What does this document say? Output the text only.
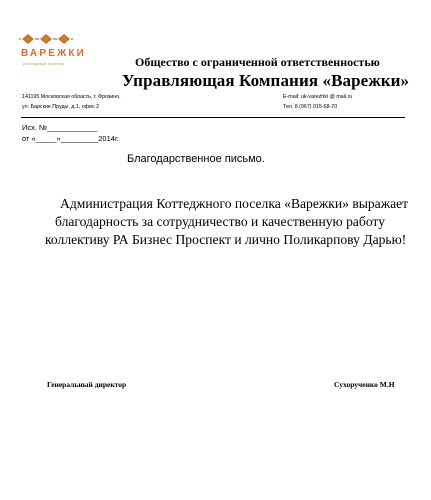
ВАРЕЖКИ
коттеджный поселок	Общество с ограниченной ответственностью
Управляющая Компания «Варежки»
141195 Московская область, г. Фрязино,
ул. Барские Пруды, д.1, офис 2
E-mail: uk-varezhki @ mail.ru
Тел. 8 (967) 015-68-70
Исх. №____________
от «_____»_________2014г.
Благодарственное письмо.
Администрация Коттеджного поселка «Варежки» выражает
благодарность за сотрудничество и качественную работу
коллективу РА Бизнес Проспект и лично Поликарпову Дарью!
Генеральный директор	Сухорученко М.Н
